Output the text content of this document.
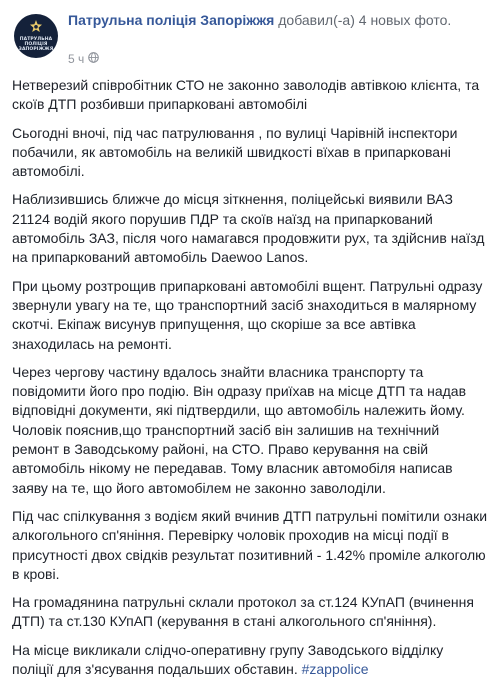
ПАТРУЛЬНА
ПОЛІЦІЯ
ЗАПОРІЖЖЯ
Патрульна поліція Запоріжжя добавил(-а) 4 новых фото.
5 ч

Нетверезий співробітник СТО не законно заволодів автівкою клієнта, та
скоїв ДТП розбивши припарковані автомобілі

Сьогодні вночі, під час патрулювання , по вулиці Чарівній інспектори
побачили, як автомобіль на великій швидкості вїхав в припарковані
автомобілі.

Наблизившись ближче до місця зіткнення, поліцейські виявили ВАЗ
21124 водій якого порушив ПДР та скоїв наїзд на припаркований
автомобіль ЗАЗ, після чого намагався продовжити рух, та здійснив наїзд
на припаркований автомобіль Daewoo Lanos.

При цьому розтрощив припарковані автомобілі вщент. Патрульні одразу
звернули увагу на те, що транспортний засіб знаходиться в малярному
скотчі. Екіпаж висунув припущення, що скоріше за все автівка
знаходилась на ремонті.

Через чергову частину вдалось знайти власника транспорту та
повідомити його про подію. Він одразу приїхав на місце ДТП та надав
відповідні документи, які підтвердили, що автомобіль належить йому.
Чоловік пояснив,що транспортний засіб він залишив на технічний
ремонт в Заводському районі, на СТО. Право керування на свій
автомобіль нікому не передавав. Тому власник автомобіля написав
заяву на те, що його автомобілем не законно заволоділи.

Під час спілкування з водієм який вчинив ДТП патрульні помітили ознаки
алкогольного сп'яніння. Перевірку чоловік проходив на місці події в
присутності двох свідків результат позитивний - 1.42% проміле алкоголю
в крові.

На громадянина патрульні склали протокол за ст.124 КУпАП (вчинення
ДТП) та ст.130 КУпАП (керування в стані алкогольного сп'яніння).

На місце викликали слідчо-оперативну групу Заводського відділку
поліції для з'ясування подальших обставин. #zappolice
